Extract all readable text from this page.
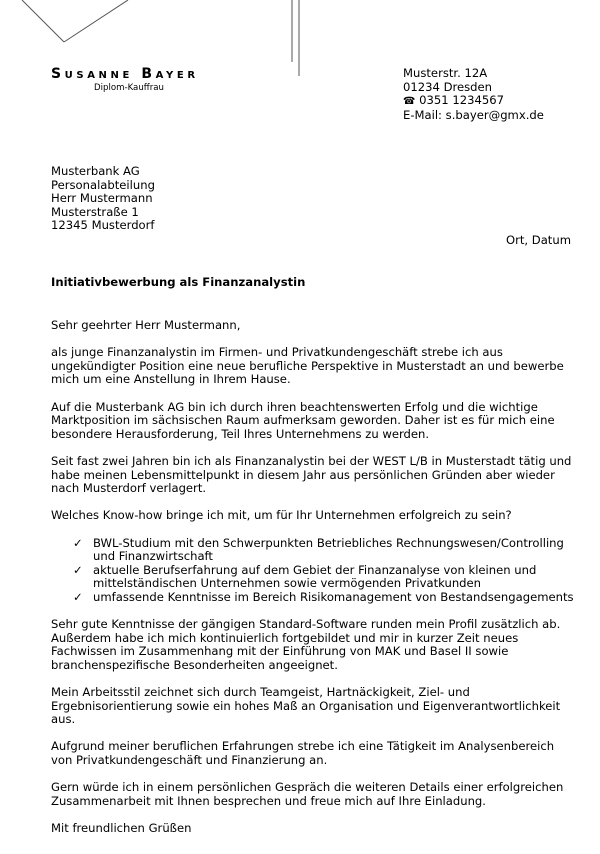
Susanne Bayer
Diplom-Kauffrau
Musterstr. 12A
01234 Dresden
☎ 0351 1234567
E-Mail: s.bayer@gmx.de
Musterbank AG
Personalabteilung
Herr Mustermann
Musterstraße 1
12345 Musterdorf
Ort, Datum
Initiativbewerbung als Finanzanalystin

Sehr geehrter Herr Mustermann,

als junge Finanzanalystin im Firmen- und Privatkundengeschäft strebe ich aus ungekündigter Position eine neue berufliche Perspektive in Musterstadt an und bewerbe mich um eine Anstellung in Ihrem Hause.

Auf die Musterbank AG bin ich durch ihren beachtenswerten Erfolg und die wichtige Marktposition im sächsischen Raum aufmerksam geworden. Daher ist es für mich eine besondere Herausforderung, Teil Ihres Unternehmens zu werden.

Seit fast zwei Jahren bin ich als Finanzanalystin bei der WEST L/B in Musterstadt tätig und habe meinen Lebensmittelpunkt in diesem Jahr aus persönlichen Gründen aber wieder nach Musterdorf verlagert.

Welches Know-how bringe ich mit, um für Ihr Unternehmen erfolgreich zu sein?

✓ BWL-Studium mit den Schwerpunkten Betriebliches Rechnungswesen/Controlling und Finanzwirtschaft
✓ aktuelle Berufserfahrung auf dem Gebiet der Finanzanalyse von kleinen und mittelständischen Unternehmen sowie vermögenden Privatkunden
✓ umfassende Kenntnisse im Bereich Risikomanagement von Bestandsengagements

Sehr gute Kenntnisse der gängigen Standard-Software runden mein Profil zusätzlich ab. Außerdem habe ich mich kontinuierlich fortgebildet und mir in kurzer Zeit neues Fachwissen im Zusammenhang mit der Einführung von MAK und Basel II sowie branchenspezifische Besonderheiten angeeignet.

Mein Arbeitsstil zeichnet sich durch Teamgeist, Hartnäckigkeit, Ziel- und Ergebnisorientierung sowie ein hohes Maß an Organisation und Eigenverantwortlichkeit aus.

Aufgrund meiner beruflichen Erfahrungen strebe ich eine Tätigkeit im Analysenbereich von Privatkundengeschäft und Finanzierung an.

Gern würde ich in einem persönlichen Gespräch die weiteren Details einer erfolgreichen Zusammenarbeit mit Ihnen besprechen und freue mich auf Ihre Einladung.

Mit freundlichen Grüßen
